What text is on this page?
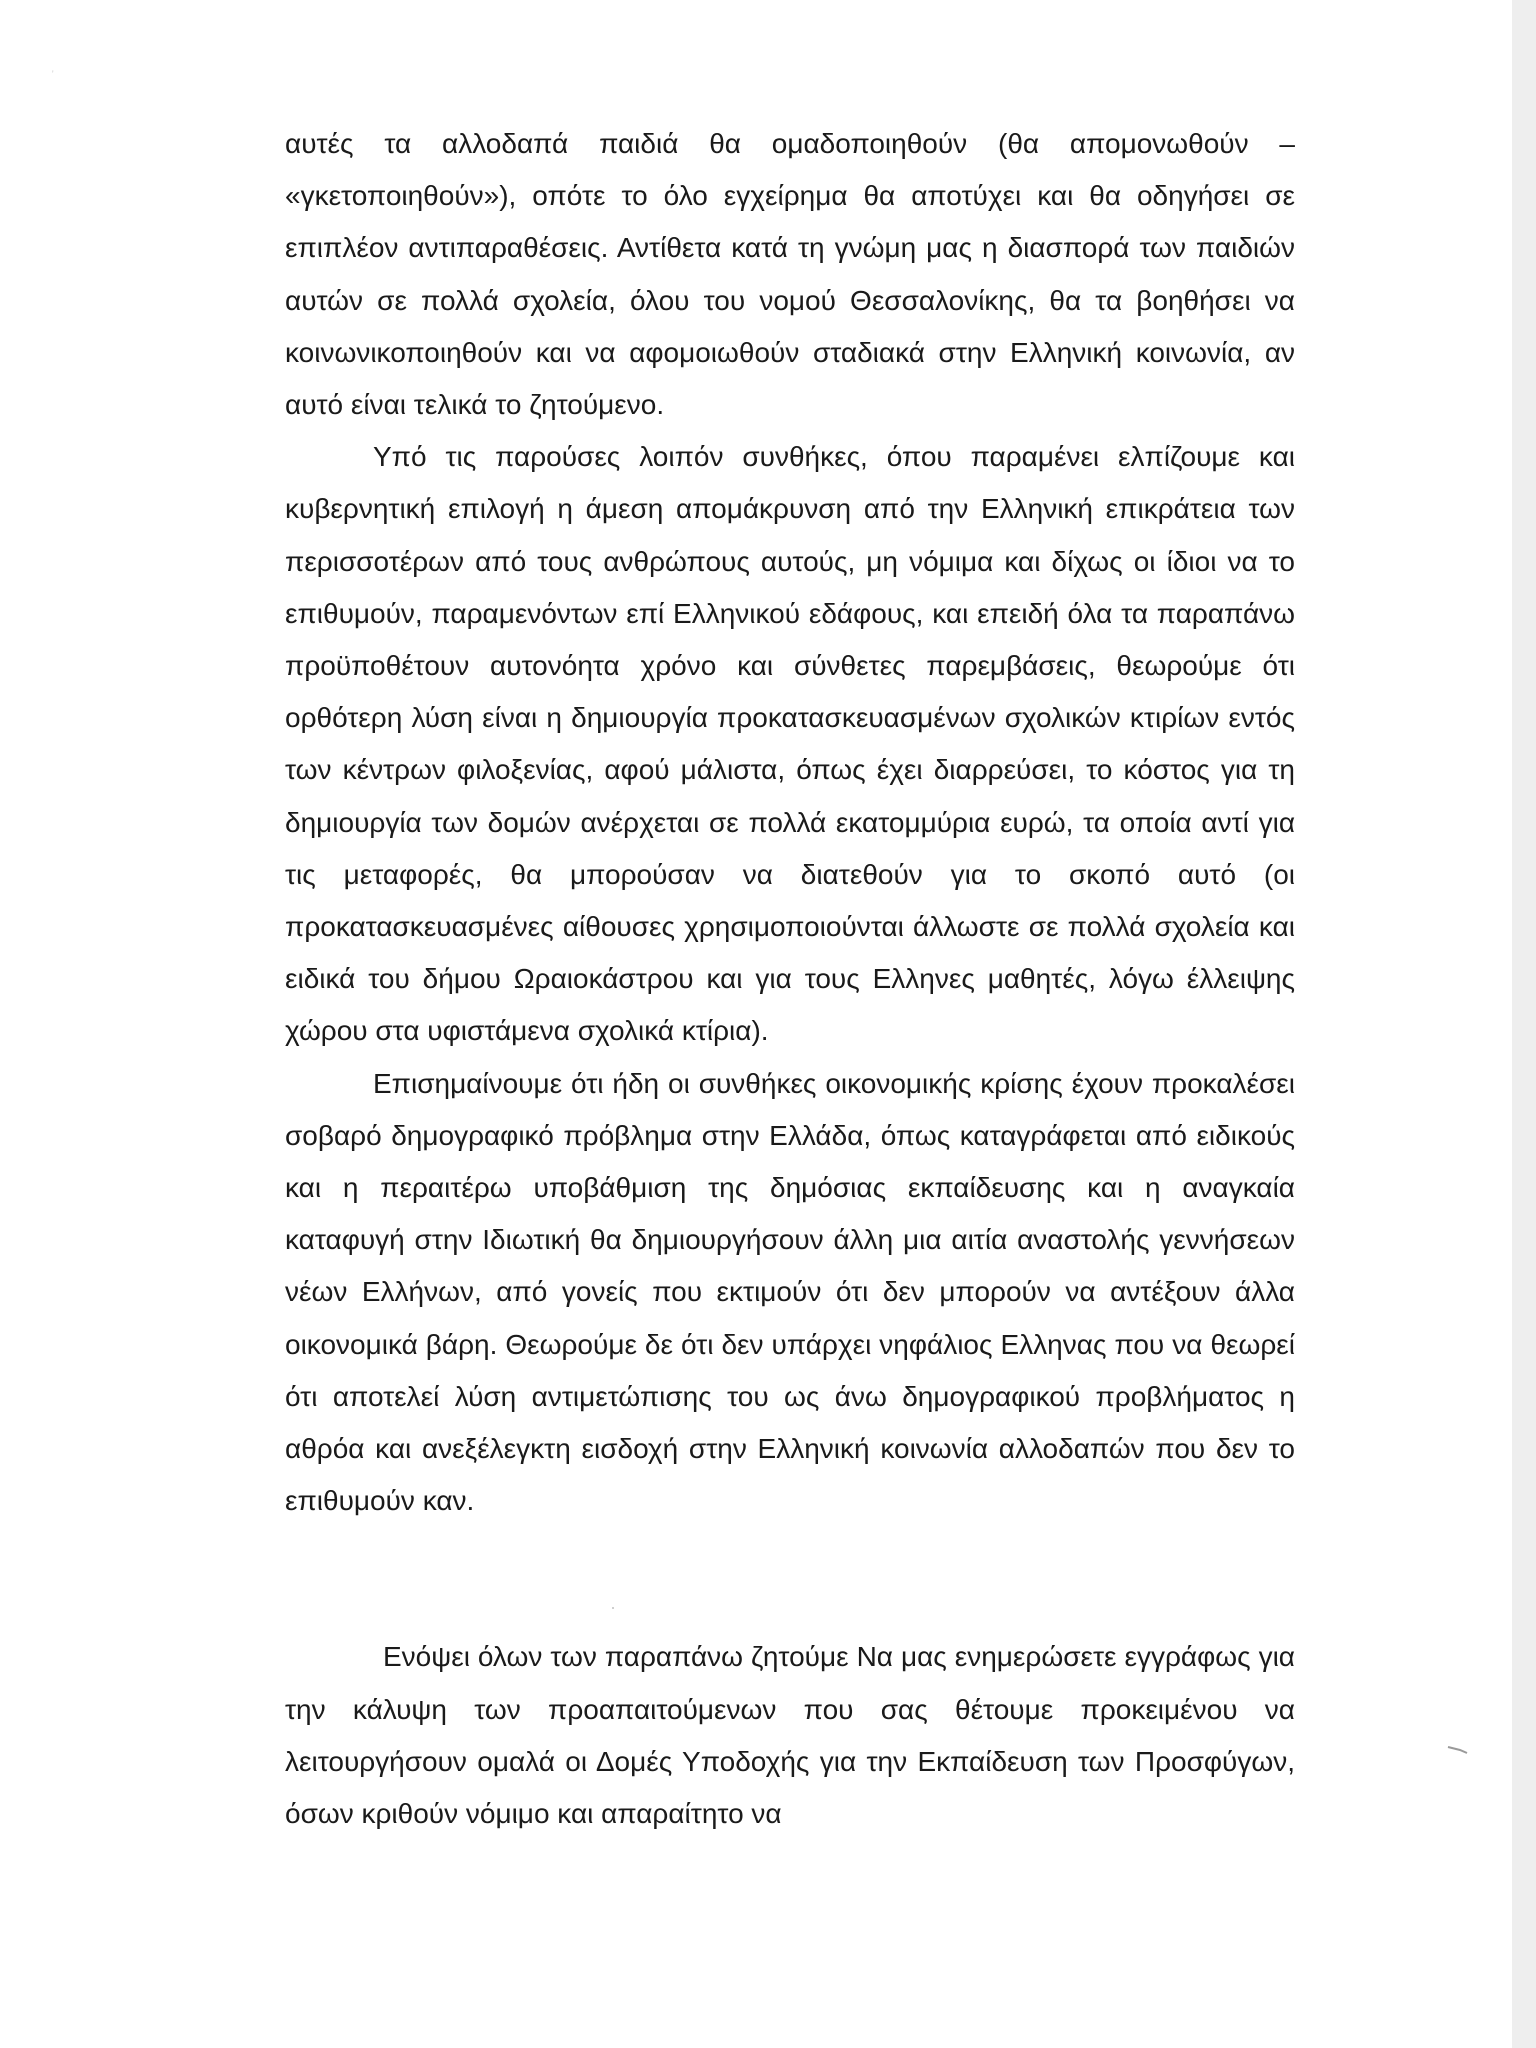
'

αυτές τα αλλοδαπά παιδιά θα ομαδοποιηθούν (θα απομονωθούν – «γκετοποιηθούν»), οπότε το όλο εγχείρημα θα αποτύχει και θα οδηγήσει σε επιπλέον αντιπαραθέσεις. Αντίθετα κατά τη γνώμη μας η διασπορά των παιδιών αυτών σε πολλά σχολεία, όλου του νομού Θεσσαλονίκης, θα τα βοηθήσει να κοινωνικοποιηθούν και να αφομοιωθούν σταδιακά στην Ελληνική κοινωνία, αν αυτό είναι τελικά το ζητούμενο.

Υπό τις παρούσες λοιπόν συνθήκες, όπου παραμένει ελπίζουμε και κυβερνητική επιλογή η άμεση απομάκρυνση από την Ελληνική επικράτεια των περισσοτέρων από τους ανθρώπους αυτούς, μη νόμιμα και δίχως οι ίδιοι να το επιθυμούν, παραμενόντων επί Ελληνικού εδάφους, και επειδή όλα τα παραπάνω προϋποθέτουν αυτονόητα χρόνο και σύνθετες παρεμβάσεις, θεωρούμε ότι ορθότερη λύση είναι η δημιουργία προκατασκευασμένων σχολικών κτιρίων εντός των κέντρων φιλοξενίας, αφού μάλιστα, όπως έχει διαρρεύσει, το κόστος για τη δημιουργία των δομών ανέρχεται σε πολλά εκατομμύρια ευρώ, τα οποία αντί για τις μεταφορές, θα μπορούσαν να διατεθούν για το σκοπό αυτό (οι προκατασκευασμένες αίθουσες χρησιμοποιούνται άλλωστε σε πολλά σχολεία και ειδικά του δήμου Ωραιοκάστρου και για τους Ελληνες μαθητές, λόγω έλλειψης χώρου στα υφιστάμενα σχολικά κτίρια).

Επισημαίνουμε ότι ήδη οι συνθήκες οικονομικής κρίσης έχουν προκαλέσει σοβαρό δημογραφικό πρόβλημα στην Ελλάδα, όπως καταγράφεται από ειδικούς και η περαιτέρω υποβάθμιση της δημόσιας εκπαίδευσης και η αναγκαία καταφυγή στην Ιδιωτική θα δημιουργήσουν άλλη μια αιτία αναστολής γεννήσεων νέων Ελλήνων, από γονείς που εκτιμούν ότι δεν μπορούν να αντέξουν άλλα οικονομικά βάρη. Θεωρούμε δε ότι δεν υπάρχει νηφάλιος Ελληνας που να θεωρεί ότι αποτελεί λύση αντιμετώπισης του ως άνω δημογραφικού προβλήματος η αθρόα και ανεξέλεγκτη εισδοχή στην Ελληνική κοινωνία αλλοδαπών που δεν το επιθυμούν καν.

Ενόψει όλων των παραπάνω ζητούμε Να μας ενημερώσετε εγγράφως για την κάλυψη των προαπαιτούμενων που σας θέτουμε προκειμένου να λειτουργήσουν ομαλά οι Δομές Υποδοχής για την Εκπαίδευση των Προσφύγων, όσων κριθούν νόμιμο και απαραίτητο να
